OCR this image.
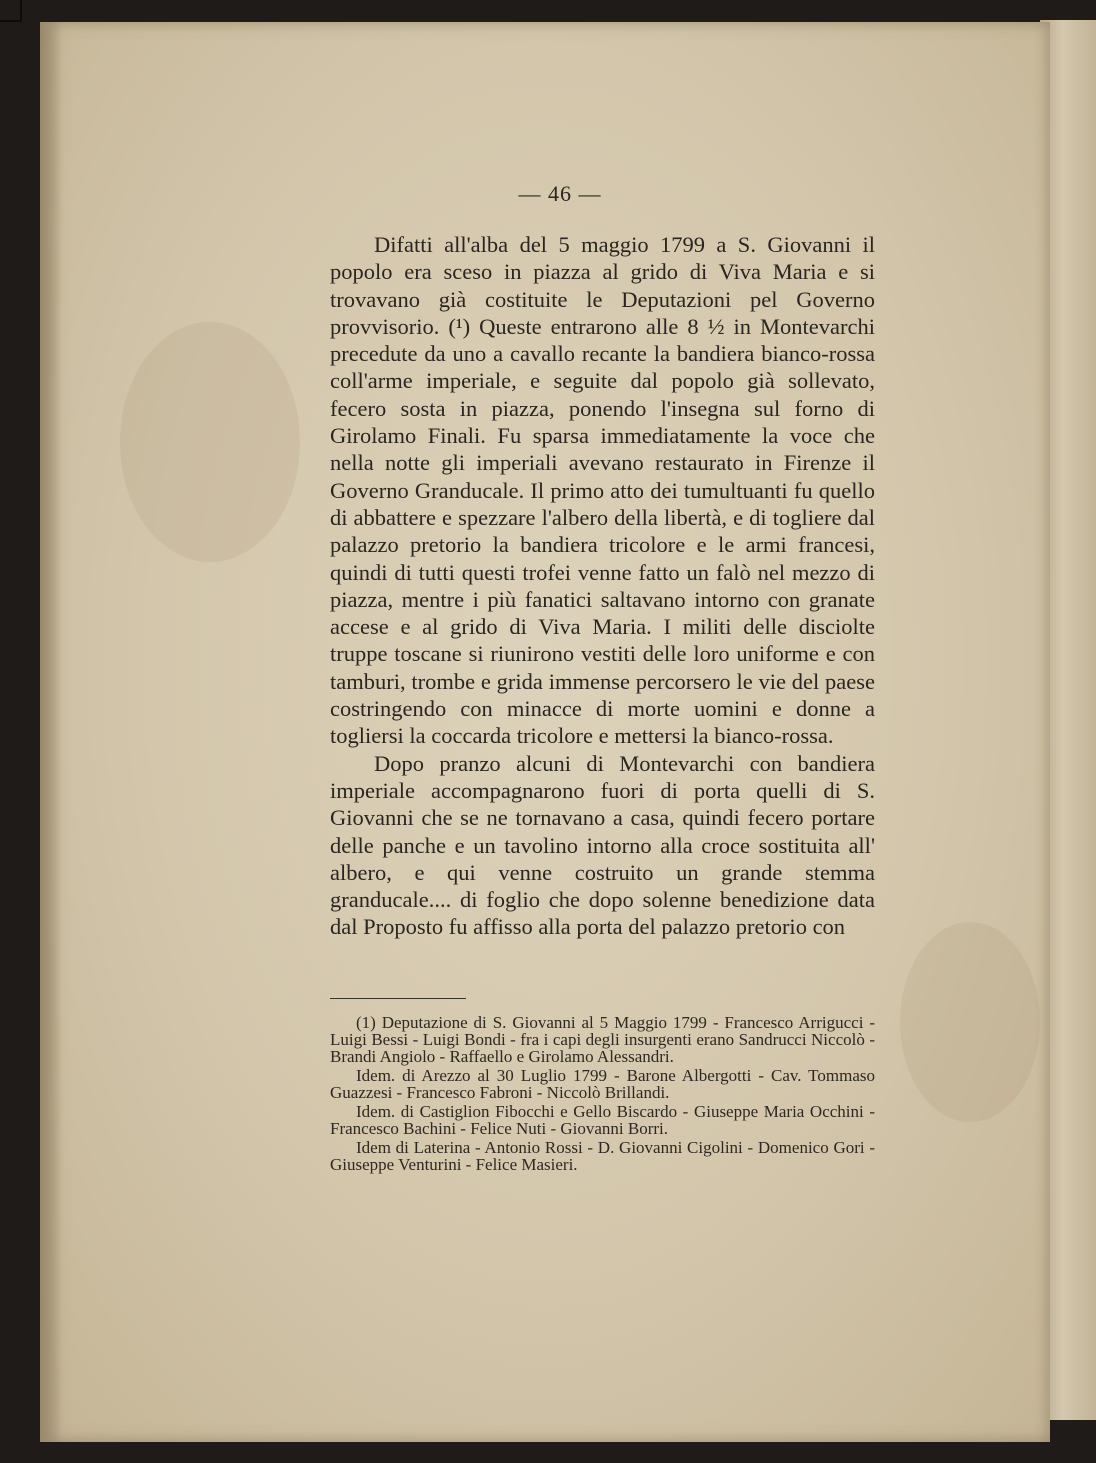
— 46 —

Difatti all'alba del 5 maggio 1799 a S. Giovanni il popolo era sceso in piazza al grido di Viva Maria e si trovavano già costituite le Deputazioni pel Governo provvisorio. (¹) Queste entrarono alle 8 ½ in Montevarchi precedute da uno a cavallo recante la bandiera bianco-rossa coll'arme imperiale, e seguite dal popolo già sollevato, fecero sosta in piazza, ponendo l'insegna sul forno di Girolamo Finali. Fu sparsa immediatamente la voce che nella notte gli imperiali avevano restaurato in Firenze il Governo Granducale. Il primo atto dei tumultuanti fu quello di abbattere e spezzare l'albero della libertà, e di togliere dal palazzo pretorio la bandiera tricolore e le armi francesi, quindi di tutti questi trofei venne fatto un falò nel mezzo di piazza, mentre i più fanatici saltavano intorno con granate accese e al grido di Viva Maria. I militi delle disciolte truppe toscane si riunirono vestiti delle loro uniforme e con tamburi, trombe e grida immense percorsero le vie del paese costringendo con minacce di morte uomini e donne a togliersi la coccarda tricolore e mettersi la bianco-rossa.

Dopo pranzo alcuni di Montevarchi con bandiera imperiale accompagnarono fuori di porta quelli di S. Giovanni che se ne tornavano a casa, quindi fecero portare delle panche e un tavolino intorno alla croce sostituita all' albero, e qui venne costruito un grande stemma granducale.... di foglio che dopo solenne benedizione data dal Proposto fu affisso alla porta del palazzo pretorio con

(1) Deputazione di S. Giovanni al 5 Maggio 1799 - Francesco Arrigucci - Luigi Bessi - Luigi Bondi - fra i capi degli insurgenti erano Sandrucci Niccolò - Brandi Angiolo - Raffaello e Girolamo Alessandri.

Idem. di Arezzo al 30 Luglio 1799 - Barone Albergotti - Cav. Tommaso Guazzesi - Francesco Fabroni - Niccolò Brillandi.

Idem. di Castiglion Fibocchi e Gello Biscardo - Giuseppe Maria Occhini - Francesco Bachini - Felice Nuti - Giovanni Borri.

Idem di Laterina - Antonio Rossi - D. Giovanni Cigolini - Domenico Gori - Giuseppe Venturini - Felice Masieri.
